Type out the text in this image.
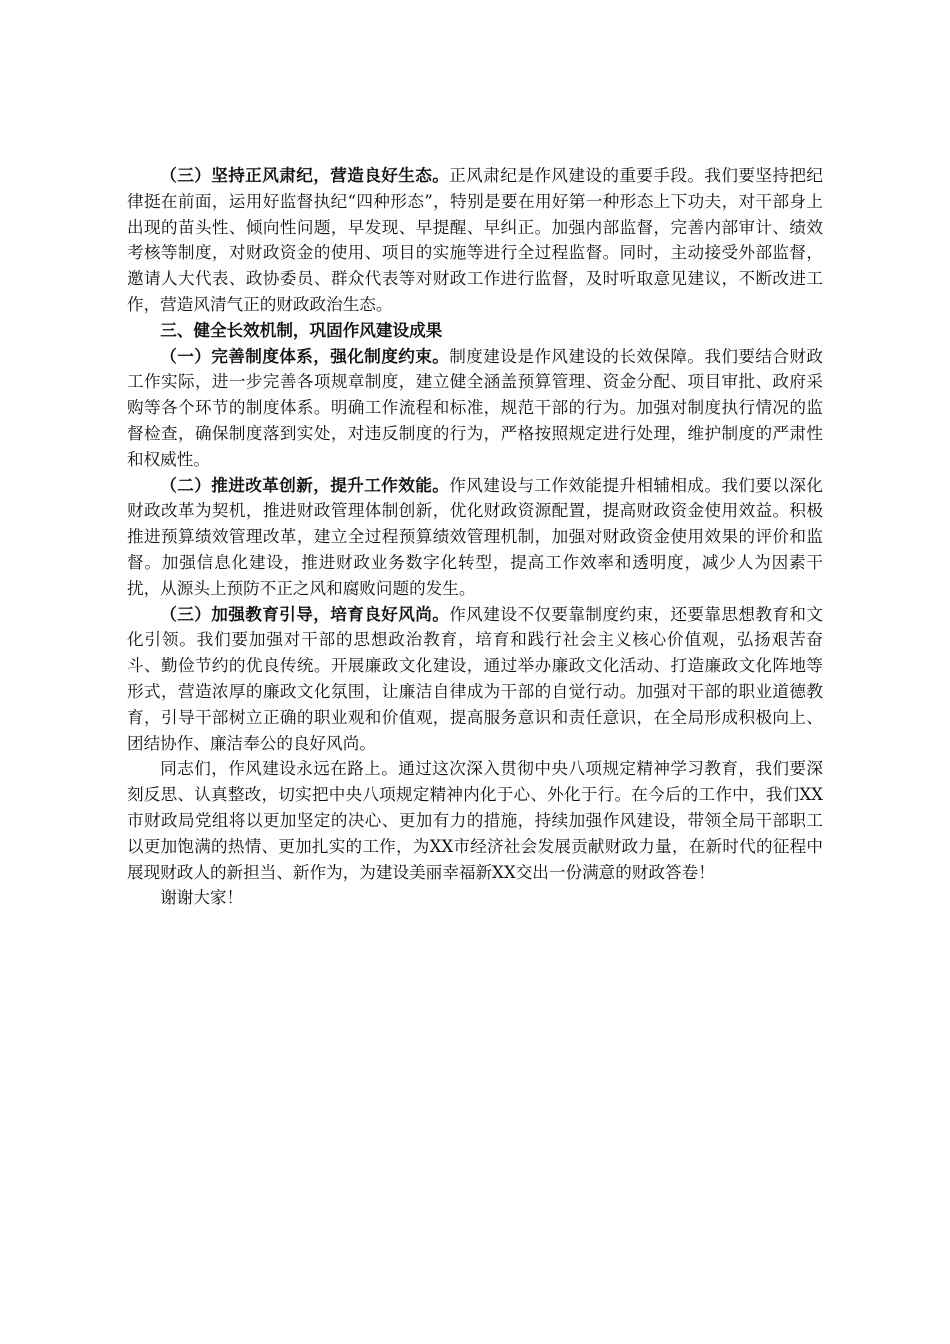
（三）坚持正风肃纪，营造良好生态。正风肃纪是作风建设的重要手段。我们要坚持把纪律挺在前面，运用好监督执纪“四种形态”，特别是要在用好第一种形态上下功夫，对干部身上出现的苗头性、倾向性问题，早发现、早提醒、早纠正。加强内部监督，完善内部审计、绩效考核等制度，对财政资金的使用、项目的实施等进行全过程监督。同时，主动接受外部监督，邀请人大代表、政协委员、群众代表等对财政工作进行监督，及时听取意见建议，不断改进工作，营造风清气正的财政政治生态。

三、健全长效机制，巩固作风建设成果

（一）完善制度体系，强化制度约束。制度建设是作风建设的长效保障。我们要结合财政工作实际，进一步完善各项规章制度，建立健全涵盖预算管理、资金分配、项目审批、政府采购等各个环节的制度体系。明确工作流程和标准，规范干部的行为。加强对制度执行情况的监督检查，确保制度落到实处，对违反制度的行为，严格按照规定进行处理，维护制度的严肃性和权威性。

（二）推进改革创新，提升工作效能。作风建设与工作效能提升相辅相成。我们要以深化财政改革为契机，推进财政管理体制创新，优化财政资源配置，提高财政资金使用效益。积极推进预算绩效管理改革，建立全过程预算绩效管理机制，加强对财政资金使用效果的评价和监督。加强信息化建设，推进财政业务数字化转型，提高工作效率和透明度，减少人为因素干扰，从源头上预防不正之风和腐败问题的发生。

（三）加强教育引导，培育良好风尚。作风建设不仅要靠制度约束，还要靠思想教育和文化引领。我们要加强对干部的思想政治教育，培育和践行社会主义核心价值观，弘扬艰苦奋斗、勤俭节约的优良传统。开展廉政文化建设，通过举办廉政文化活动、打造廉政文化阵地等形式，营造浓厚的廉政文化氛围，让廉洁自律成为干部的自觉行动。加强对干部的职业道德教育，引导干部树立正确的职业观和价值观，提高服务意识和责任意识，在全局形成积极向上、团结协作、廉洁奉公的良好风尚。

同志们，作风建设永远在路上。通过这次深入贯彻中央八项规定精神学习教育，我们要深刻反思、认真整改，切实把中央八项规定精神内化于心、外化于行。在今后的工作中，我们XX市财政局党组将以更加坚定的决心、更加有力的措施，持续加强作风建设，带领全局干部职工以更加饱满的热情、更加扎实的工作，为XX市经济社会发展贡献财政力量，在新时代的征程中展现财政人的新担当、新作为，为建设美丽幸福新XX交出一份满意的财政答卷！

谢谢大家！
